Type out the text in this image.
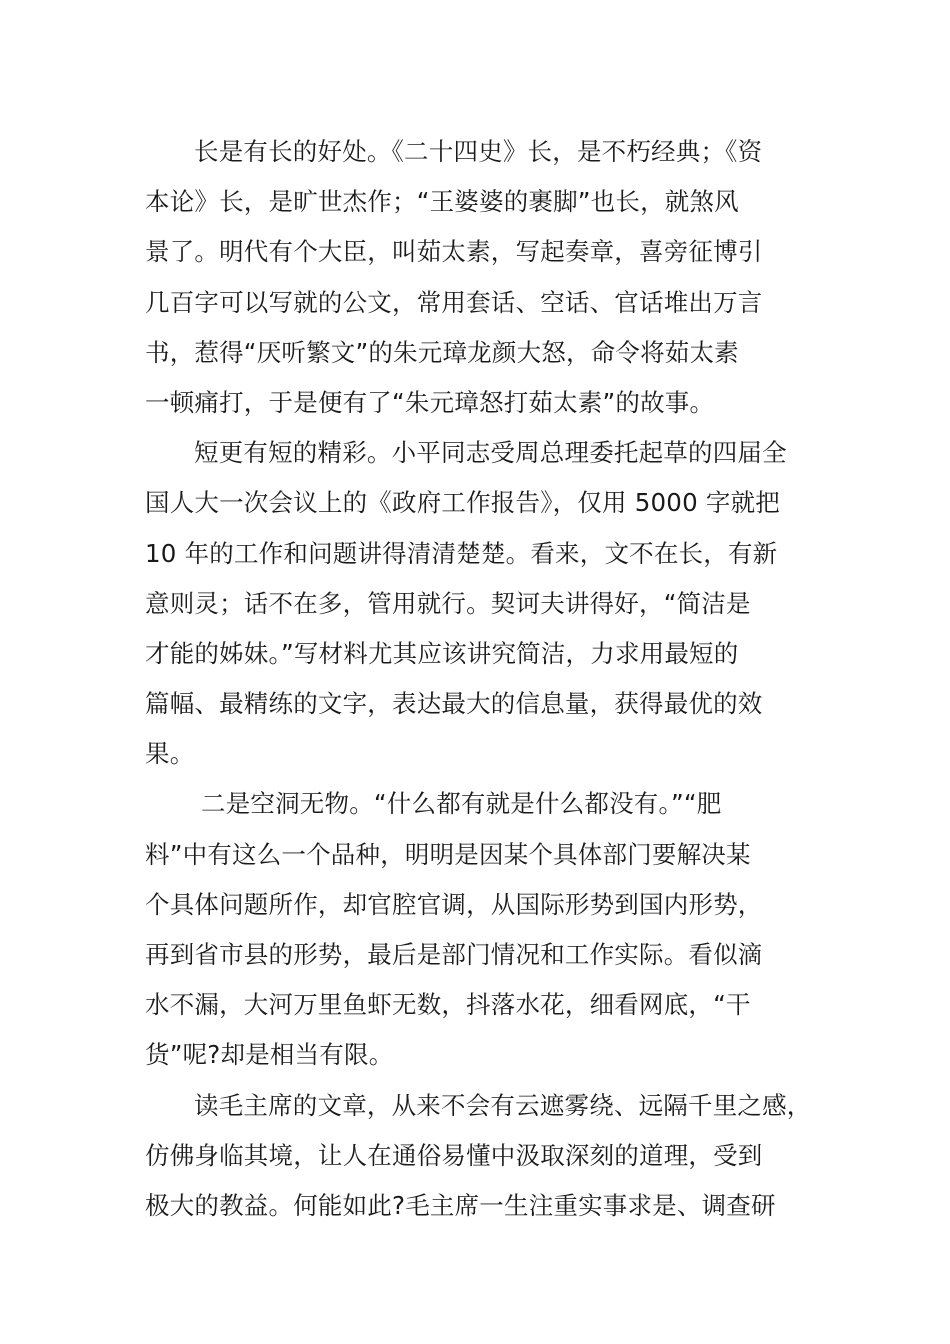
长是有长的好处。《二十四史》长，是不朽经典；《资
本论》长，是旷世杰作；“王婆婆的裹脚”也长，就煞风
景了。明代有个大臣，叫茹太素，写起奏章，喜旁征博引
几百字可以写就的公文，常用套话、空话、官话堆出万言
书，惹得“厌听繁文”的朱元璋龙颜大怒，命令将茹太素
一顿痛打，于是便有了“朱元璋怒打茹太素”的故事。
短更有短的精彩。小平同志受周总理委托起草的四届全
国人大一次会议上的《政府工作报告》，仅用 5000 字就把
10 年的工作和问题讲得清清楚楚。看来，文不在长，有新
意则灵；话不在多，管用就行。契诃夫讲得好，“简洁是
才能的姊妹。”写材料尤其应该讲究简洁，力求用最短的
篇幅、最精练的文字，表达最大的信息量，获得最优的效
果。
二是空洞无物。“什么都有就是什么都没有。”“肥
料”中有这么一个品种，明明是因某个具体部门要解决某
个具体问题所作，却官腔官调，从国际形势到国内形势，
再到省市县的形势，最后是部门情况和工作实际。看似滴
水不漏，大河万里鱼虾无数，抖落水花，细看网底，“干
货”呢?却是相当有限。
读毛主席的文章，从来不会有云遮雾绕、远隔千里之感，
仿佛身临其境，让人在通俗易懂中汲取深刻的道理，受到
极大的教益。何能如此?毛主席一生注重实事求是、调查研
